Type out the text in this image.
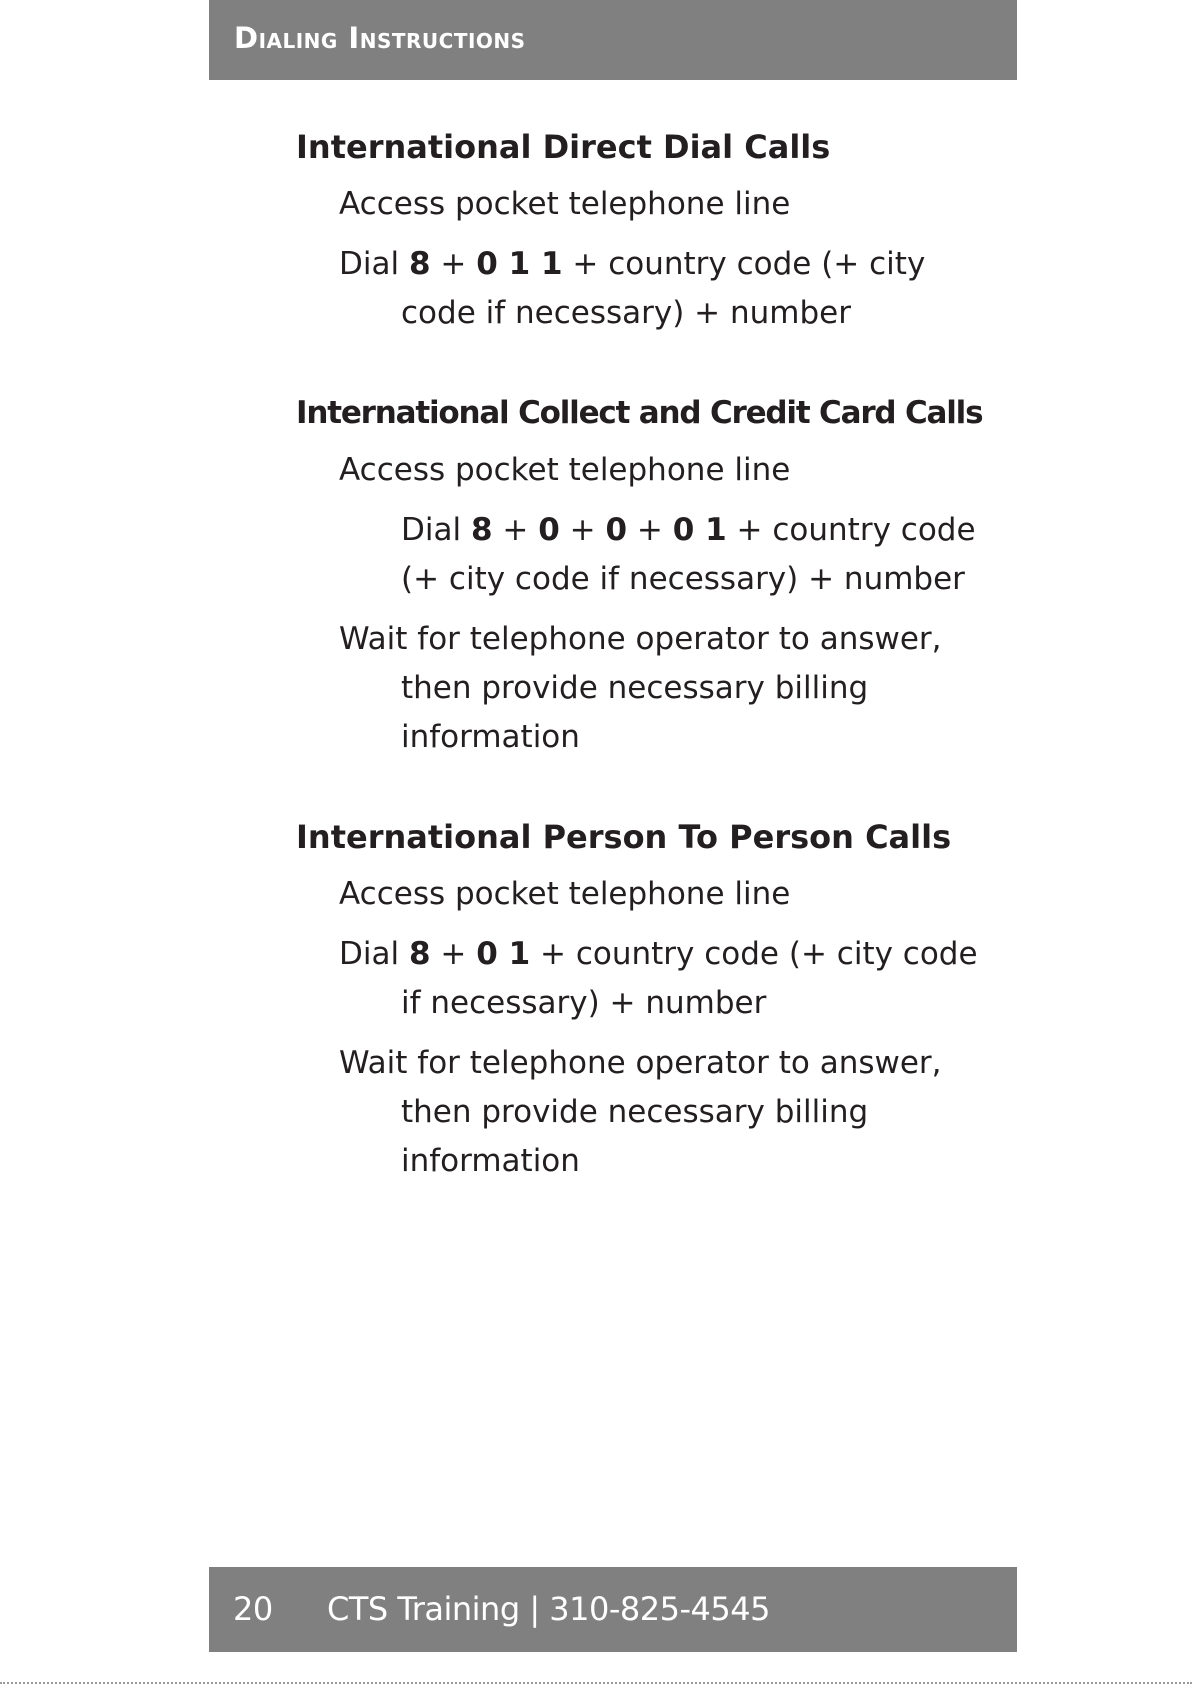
Dialing Instructions
International Direct Dial Calls

Access pocket telephone line

Dial 8 + 0 1 1 + country code (+ city code if necessary) + number

International Collect and Credit Card Calls

Access pocket telephone line

Dial 8 + 0 + 0 + 0 1 + country code (+ city code if necessary) + number

Wait for telephone operator to answer, then provide necessary billing information

International Person To Person Calls

Access pocket telephone line

Dial 8 + 0 1 + country code (+ city code if necessary) + number

Wait for telephone operator to answer, then provide necessary billing information

20 CTS Training | 310-825-4545
